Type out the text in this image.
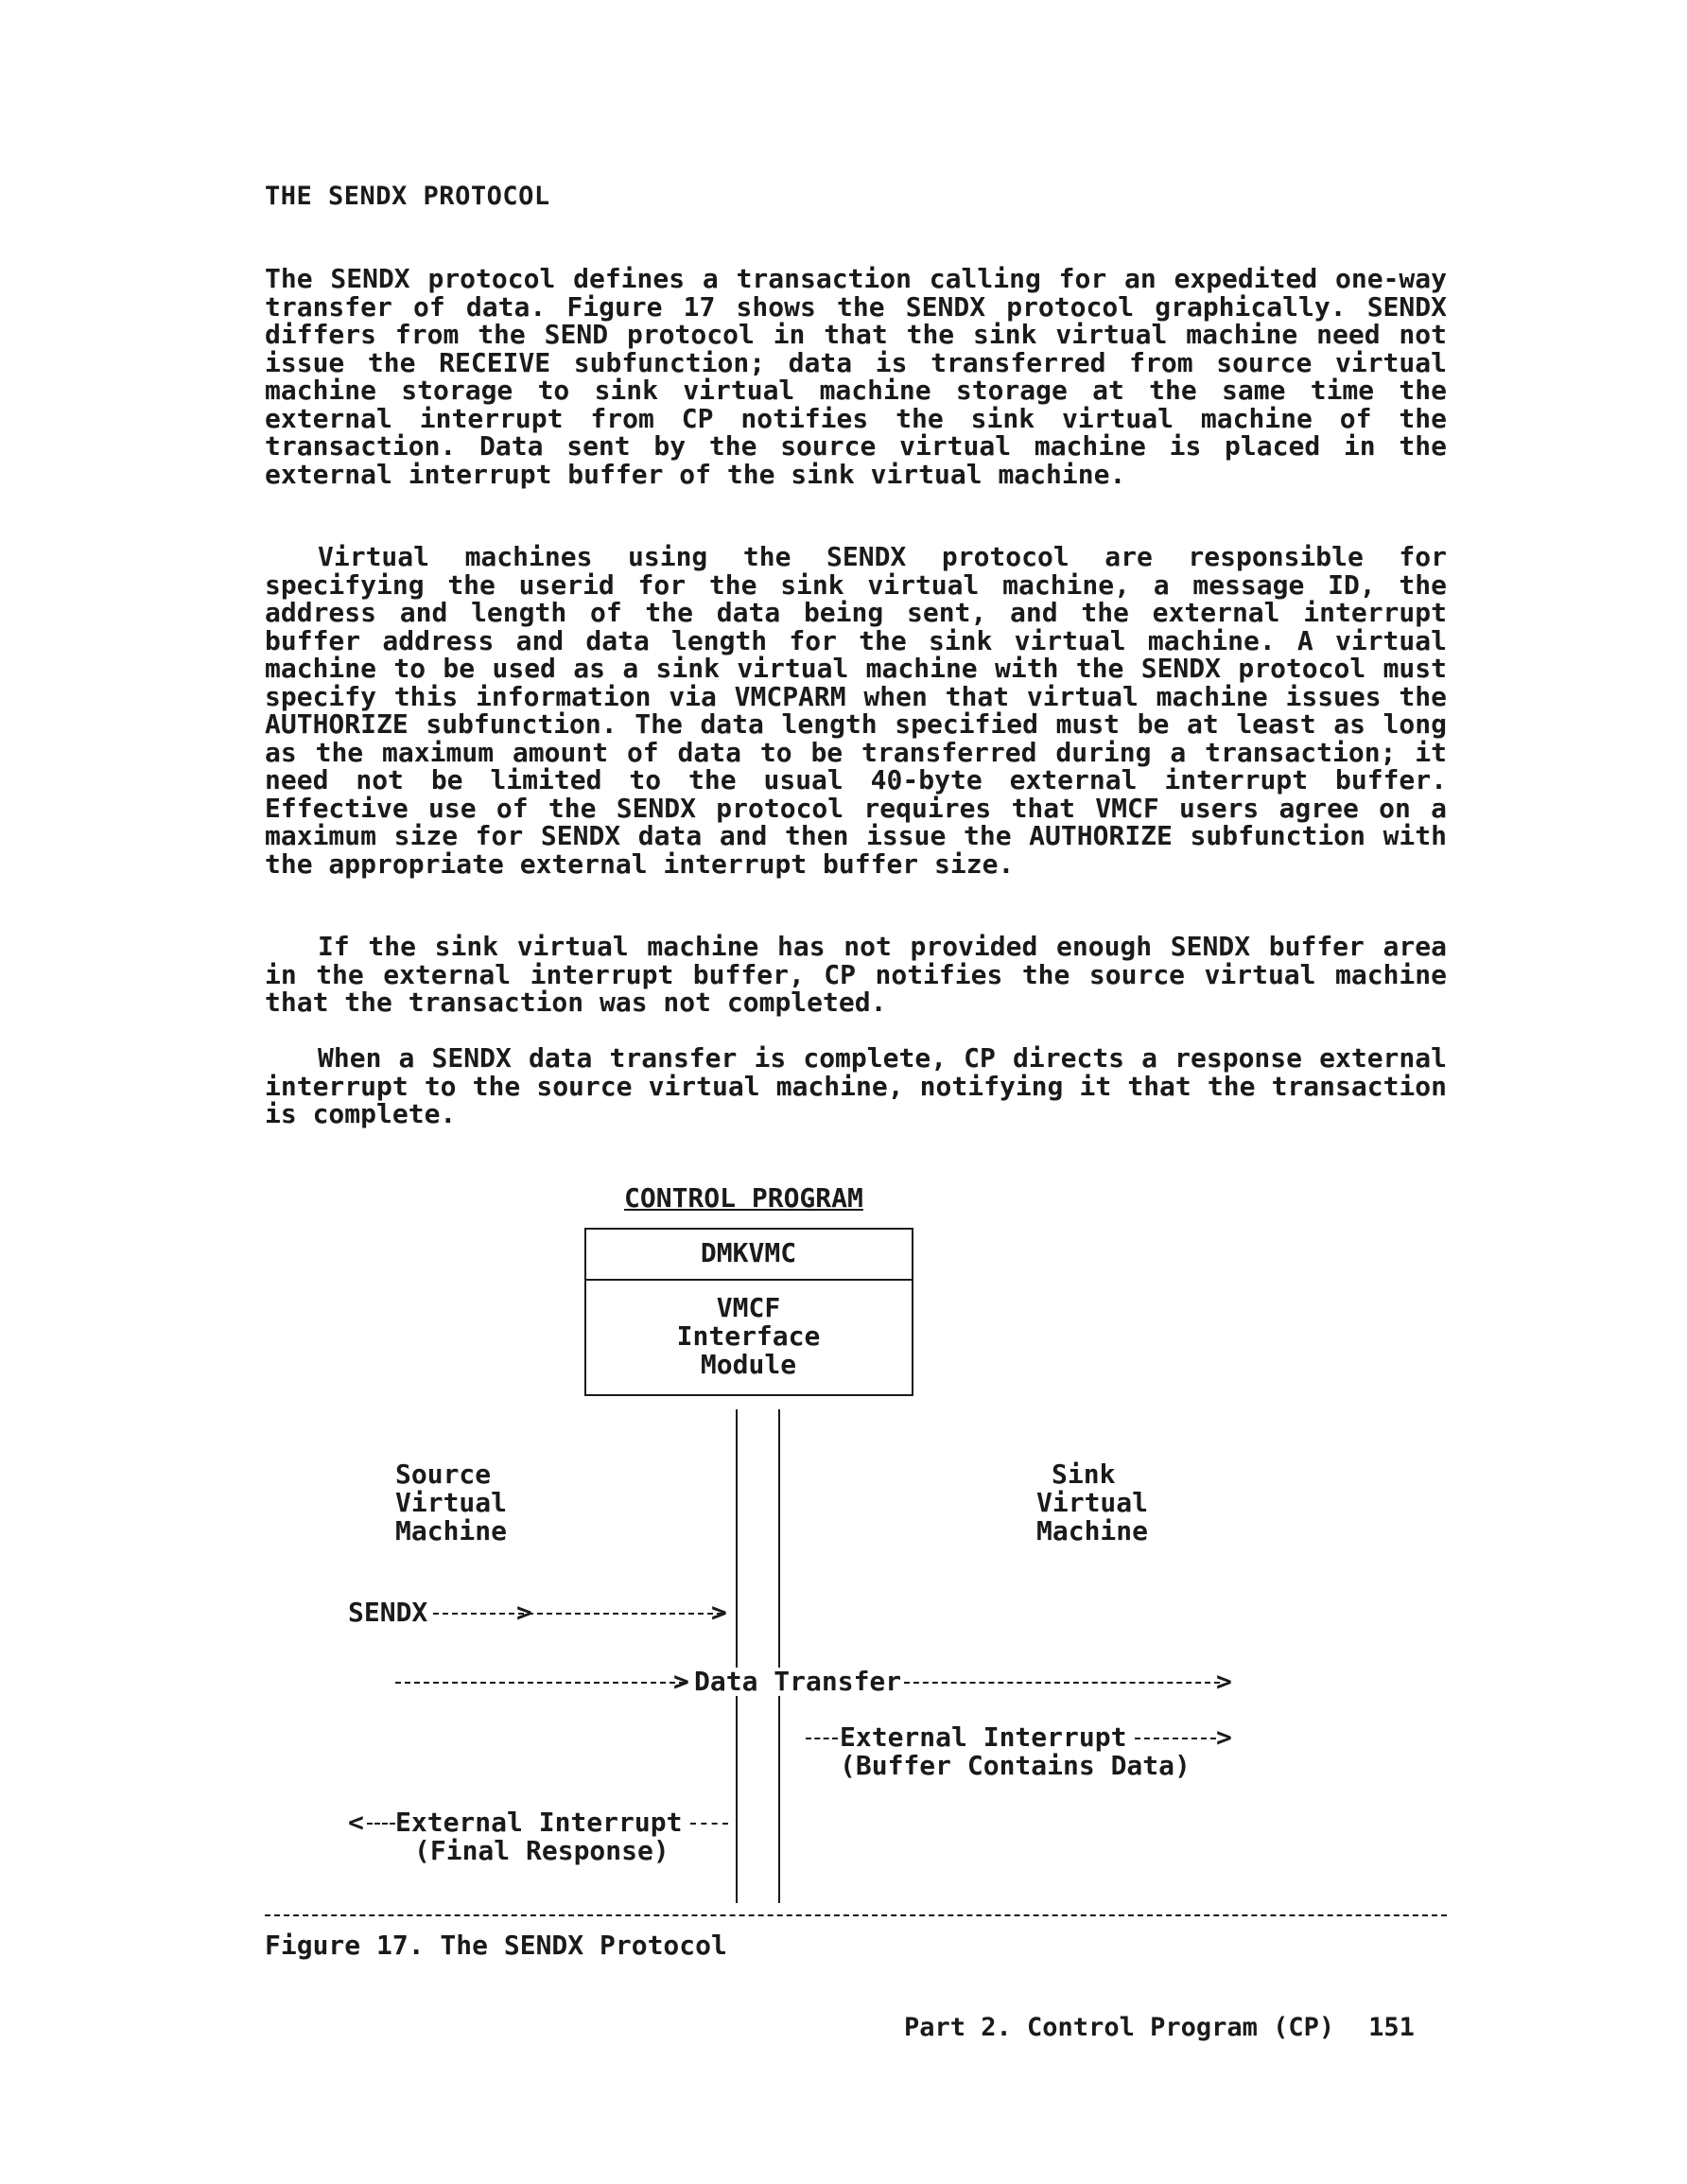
THE SENDX PROTOCOL

The SENDX protocol defines a transaction calling for an expedited one-way transfer of data. Figure 17 shows the SENDX protocol graphically. SENDX differs from the SEND protocol in that the sink virtual machine need not issue the RECEIVE subfunction; data is transferred from source virtual machine storage to sink virtual machine storage at the same time the external interrupt from CP notifies the sink virtual machine of the transaction. Data sent by the source virtual machine is placed in the external interrupt buffer of the sink virtual machine.

Virtual machines using the SENDX protocol are responsible for specifying the userid for the sink virtual machine, a message ID, the address and length of the data being sent, and the external interrupt buffer address and data length for the sink virtual machine. A virtual machine to be used as a sink virtual machine with the SENDX protocol must specify this information via VMCPARM when that virtual machine issues the AUTHORIZE subfunction. The data length specified must be at least as long as the maximum amount of data to be transferred during a transaction; it need not be limited to the usual 40-byte external interrupt buffer. Effective use of the SENDX protocol requires that VMCF users agree on a maximum size for SENDX data and then issue the AUTHORIZE subfunction with the appropriate external interrupt buffer size.

If the sink virtual machine has not provided enough SENDX buffer area in the external interrupt buffer, CP notifies the source virtual machine that the transaction was not completed.

When a SENDX data transfer is complete, CP directs a response external interrupt to the source virtual machine, notifying it that the transaction is complete.

CONTROL PROGRAM
DMKVMC
VMCF
Interface
Module
Source
Virtual
Machine
Sink
Virtual
Machine
SENDX	>	>
> Data Transfer	>
External Interrupt	>
(Buffer Contains Data)
< External Interrupt
(Final Response)
Figure 17. The SENDX Protocol
Part 2. Control Program (CP) 151
